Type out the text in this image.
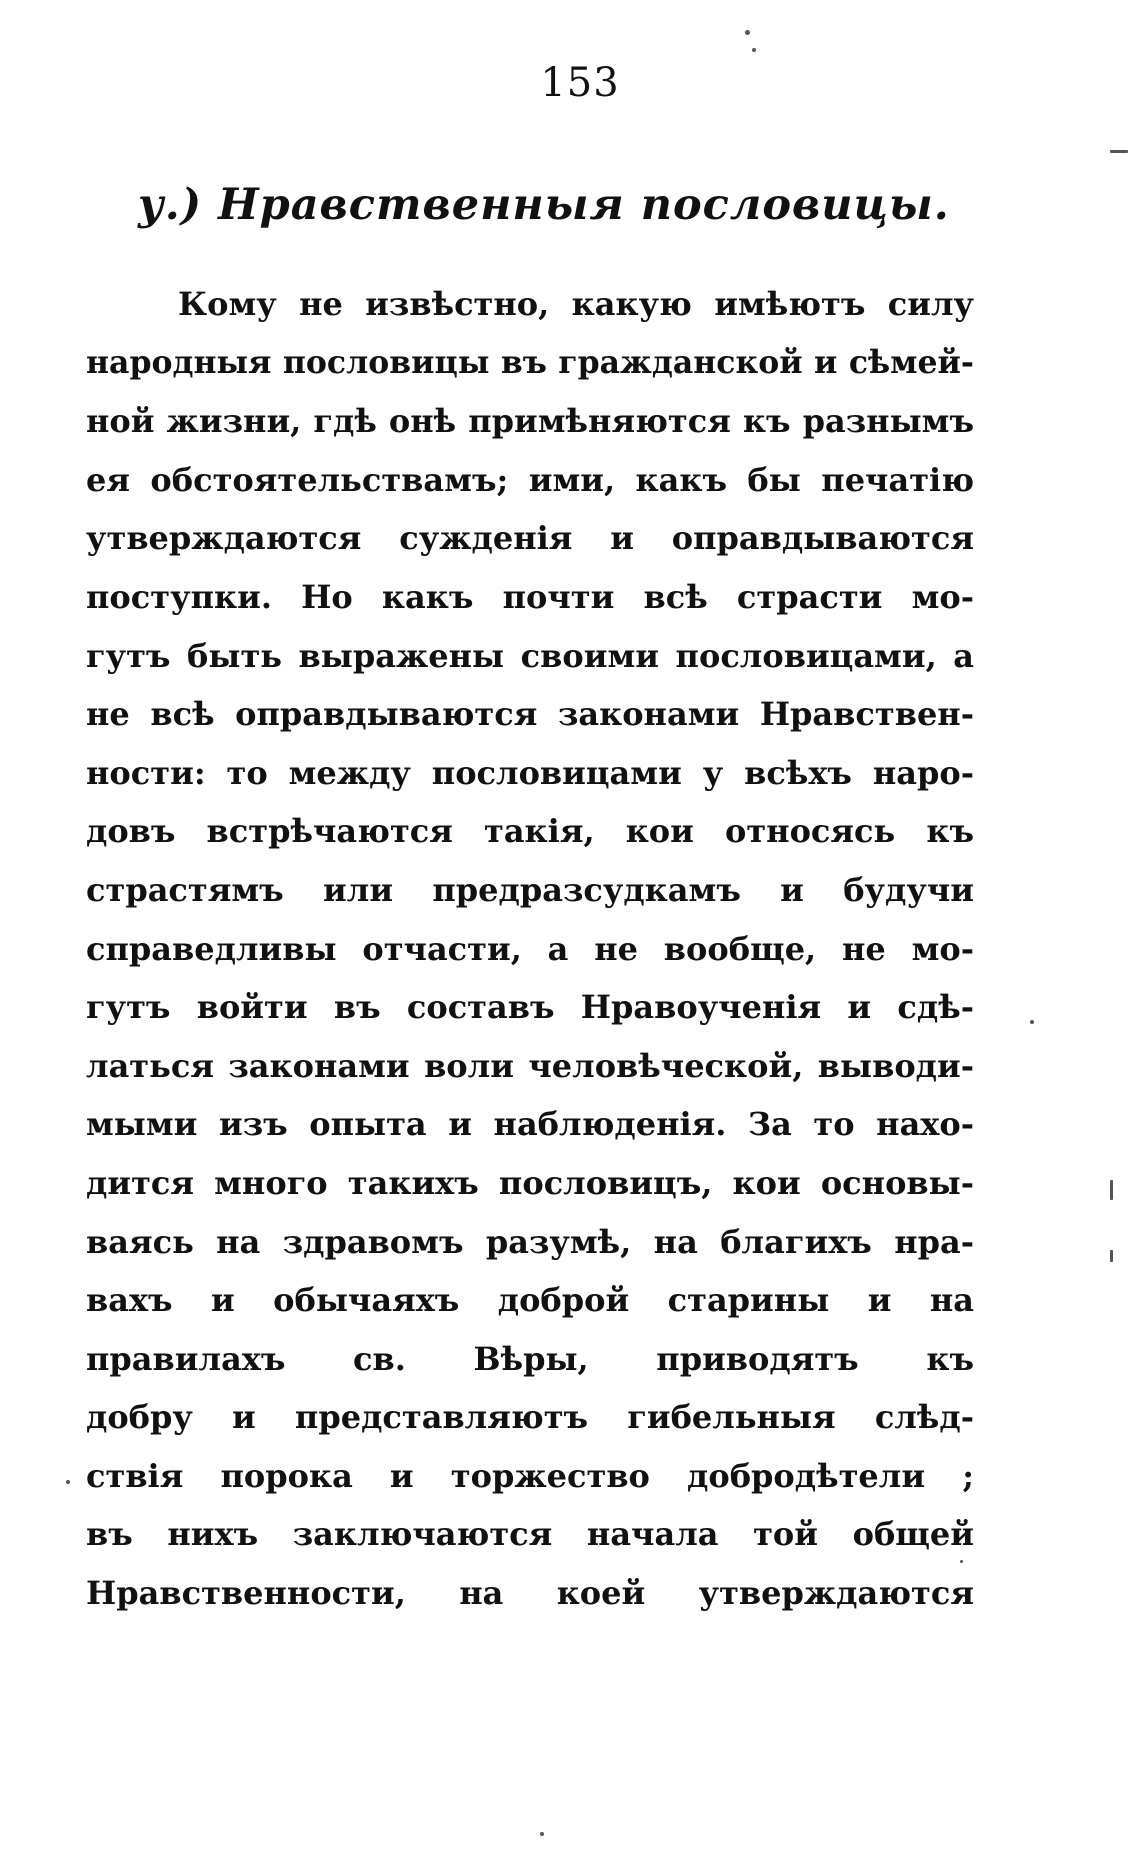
153
у.) Нравственныя пословицы.
Кому не извѣстно, какую имѣютъ силу
народныя пословицы въ гражданской и сѣмей-
ной жизни, гдѣ онѣ примѣняются къ разнымъ
ея обстоятельствамъ; ими, какъ бы печатію
утверждаются сужденія и оправдываются
поступки. Но какъ почти всѣ страсти мо-
гутъ быть выражены своими пословицами, а
не всѣ оправдываются законами Нравствен-
ности: то между пословицами у всѣхъ наро-
довъ встрѣчаются такія, кои относясь къ
страстямъ или предразсудкамъ и будучи
справедливы отчасти, а не вообще, не мо-
гутъ войти въ составъ Нравоученія и сдѣ-
латься законами воли человѣческой, выводи-
мыми изъ опыта и наблюденія. За то нахо-
дится много такихъ пословицъ, кои основы-
ваясь на здравомъ разумѣ, на благихъ нра-
вахъ и обычаяхъ доброй старины и на
правилахъ св. Вѣры, приводятъ къ
добру и представляютъ гибельныя слѣд-
ствія порока и торжество добродѣтели ;
въ нихъ заключаются начала той общей
Нравственности, на коей утверждаются
